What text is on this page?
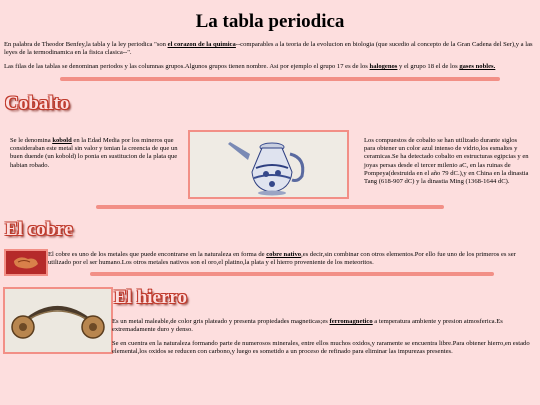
La tabla periodica

En palabra de Theodor Benfey,la tabla y la ley periodica "son el corazon de la quimica--comparables a la teoria de la evolucion en biologia (que sucedio al concepto de la Gran Cadena del Ser),y a las leyes de la termodinamica en la fisica clasica--".

Las filas de las tablas se denominan periodos y las columnas grupos.Algunos grupos tienen nombre. Asi por ejemplo el grupo 17 es de los halogenos y el grupo 18 el de los gases nobles.

Cobalto

Se le denomina kobold en la Edad Media por los mineros que consideraban este metal sin valor y tenian la creencia de que un buen duende (un kobold) lo ponia en sustitucion de la plata que habian robado.

Los compuestos de cobalto se han utilizado durante siglos para obtener un color azul intenso de vidrio,los esmaltes y ceramicas.Se ha detectado cobalto en estructuras egipcias y en joyas persas desde el tercer milenio aC, en las ruinas de Pompeya(destruida en el año 79 dC.),y en China en la dinastia Tang (618-907 dC) y la dinastia Ming (1368-1644 dC).

El cobre

El cobre es uno de los metales que puede encontrarse en la naturaleza en forma de cobre nativo,es decir,sin combinar con otros elementos.Por ello fue uno de los primeros es ser utilizado por el ser humano.Los otros metales nativos son el oro,el platino,la plata y el hierro proveniente de los meteoritos.

El hierro

Es un metal maleable,de color gris plateado y presenta propiedades magneticas;es ferromagnetico a temperatura ambiente y presion atmosferica.Es extremadamente duro y denso.

Se en cuentra en la naturaleza formando parte de numerosos minerales, entre ellos muchos oxidos,y raramente se encuentra libre.Para obtener hierro,en estado elemental,los oxidos se reducen con carbono,y luego es sometido a un proceso de refinado para eliminar las impurezas presentes.
